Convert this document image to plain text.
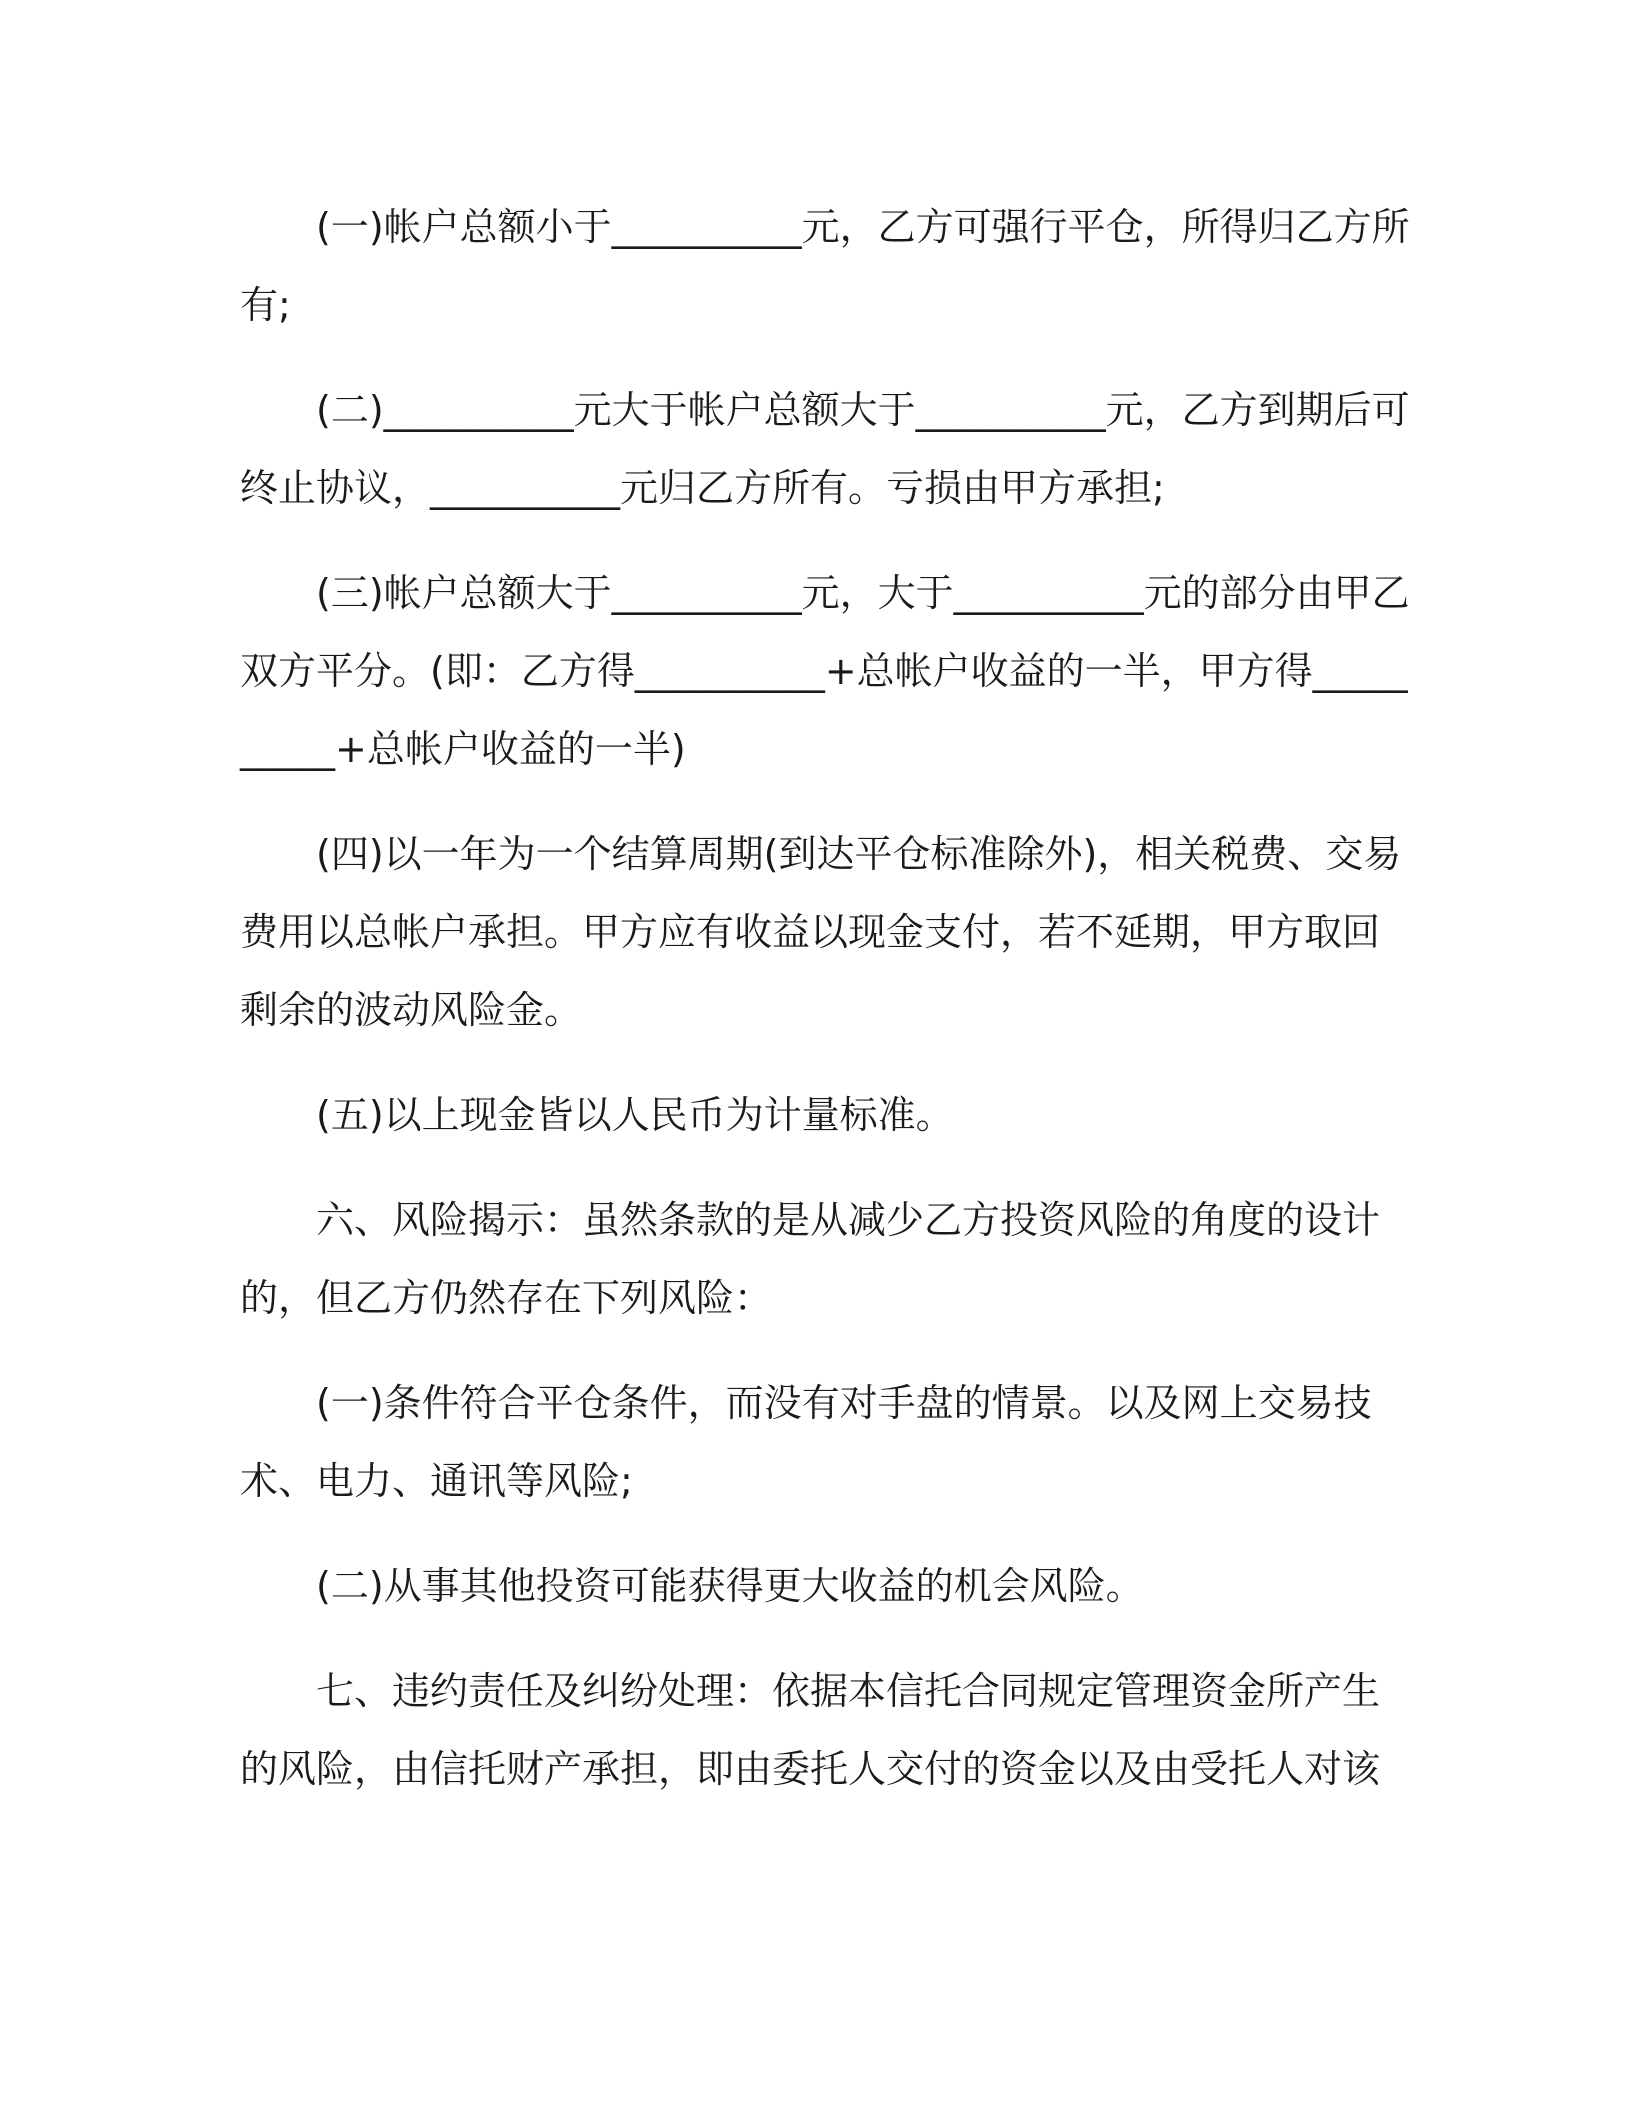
(一)帐户总额小于__________元，乙方可强行平仓，所得归乙方所有;

(二)__________元大于帐户总额大于__________元，乙方到期后可终止协议，__________元归乙方所有。亏损由甲方承担;

(三)帐户总额大于__________元，大于__________元的部分由甲乙双方平分。(即：乙方得__________+总帐户收益的一半，甲方得__________+总帐户收益的一半)

(四)以一年为一个结算周期(到达平仓标准除外)，相关税费、交易费用以总帐户承担。甲方应有收益以现金支付，若不延期，甲方取回剩余的波动风险金。

(五)以上现金皆以人民币为计量标准。

六、风险揭示：虽然条款的是从减少乙方投资风险的角度的设计的，但乙方仍然存在下列风险：

(一)条件符合平仓条件，而没有对手盘的情景。以及网上交易技术、电力、通讯等风险;

(二)从事其他投资可能获得更大收益的机会风险。

七、违约责任及纠纷处理：依据本信托合同规定管理资金所产生的风险，由信托财产承担，即由委托人交付的资金以及由受托人对该
